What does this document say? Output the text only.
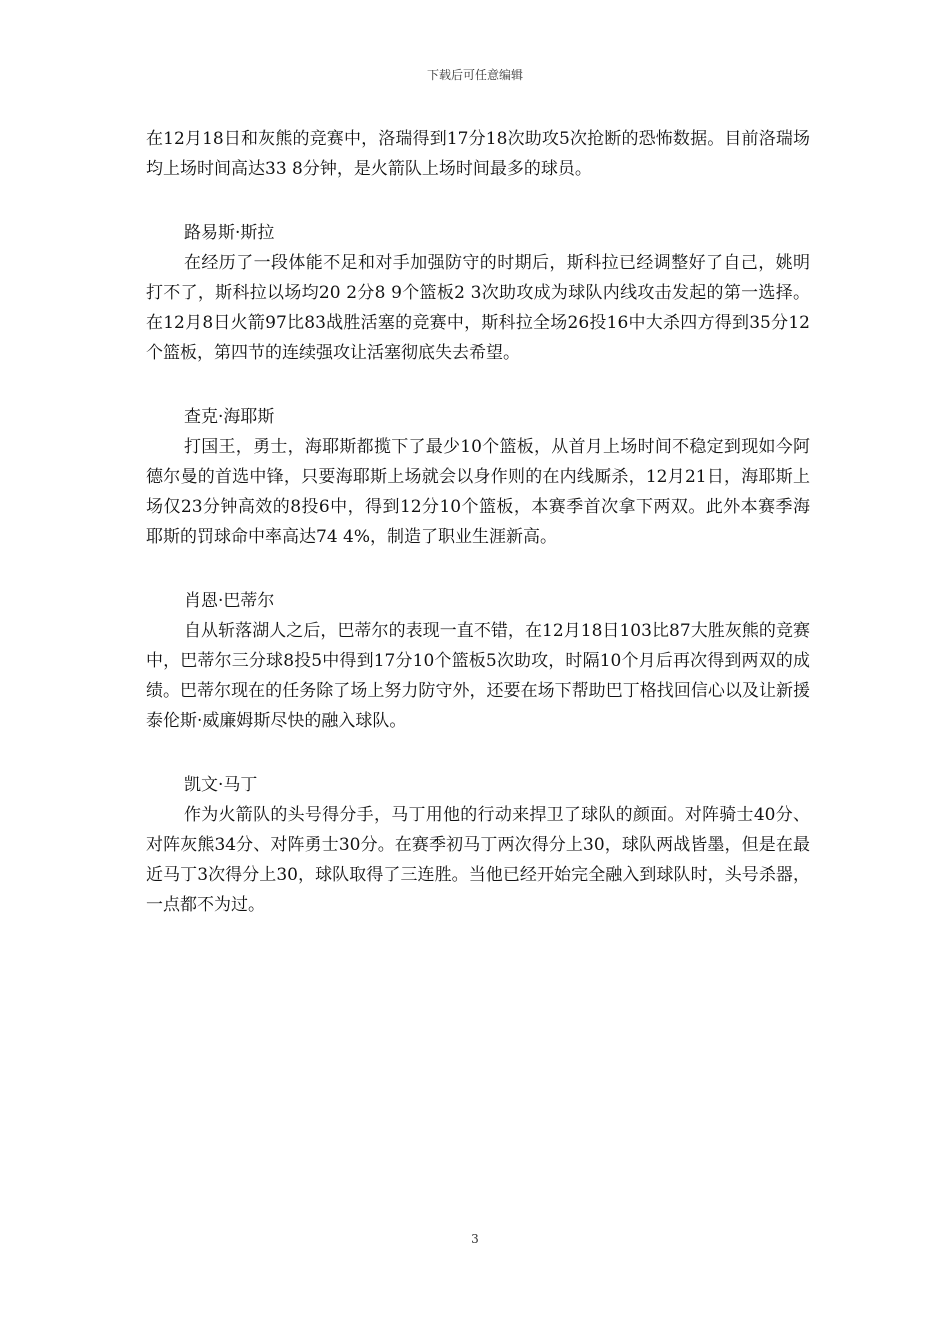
下载后可任意编辑

在12月18日和灰熊的竞赛中，洛瑞得到17分18次助攻5次抢断的恐怖数据。目前洛瑞场均上场时间高达33 8分钟，是火箭队上场时间最多的球员。

路易斯·斯拉

在经历了一段体能不足和对手加强防守的时期后，斯科拉已经调整好了自己，姚明打不了，斯科拉以场均20 2分8 9个篮板2 3次助攻成为球队内线攻击发起的第一选择。在12月8日火箭97比83战胜活塞的竞赛中，斯科拉全场26投16中大杀四方得到35分12个篮板，第四节的连续强攻让活塞彻底失去希望。

查克·海耶斯

打国王，勇士，海耶斯都揽下了最少10个篮板，从首月上场时间不稳定到现如今阿德尔曼的首选中锋，只要海耶斯上场就会以身作则的在内线厮杀，12月21日，海耶斯上场仅23分钟高效的8投6中，得到12分10个篮板，本赛季首次拿下两双。此外本赛季海耶斯的罚球命中率高达74 4%，制造了职业生涯新高。

肖恩·巴蒂尔

自从斩落湖人之后，巴蒂尔的表现一直不错，在12月18日103比87大胜灰熊的竞赛中，巴蒂尔三分球8投5中得到17分10个篮板5次助攻，时隔10个月后再次得到两双的成绩。巴蒂尔现在的任务除了场上努力防守外，还要在场下帮助巴丁格找回信心以及让新援泰伦斯·威廉姆斯尽快的融入球队。

凯文·马丁

作为火箭队的头号得分手，马丁用他的行动来捍卫了球队的颜面。对阵骑士40分、对阵灰熊34分、对阵勇士30分。在赛季初马丁两次得分上30，球队两战皆墨，但是在最近马丁3次得分上30，球队取得了三连胜。当他已经开始完全融入到球队时，头号杀器，一点都不为过。

3
